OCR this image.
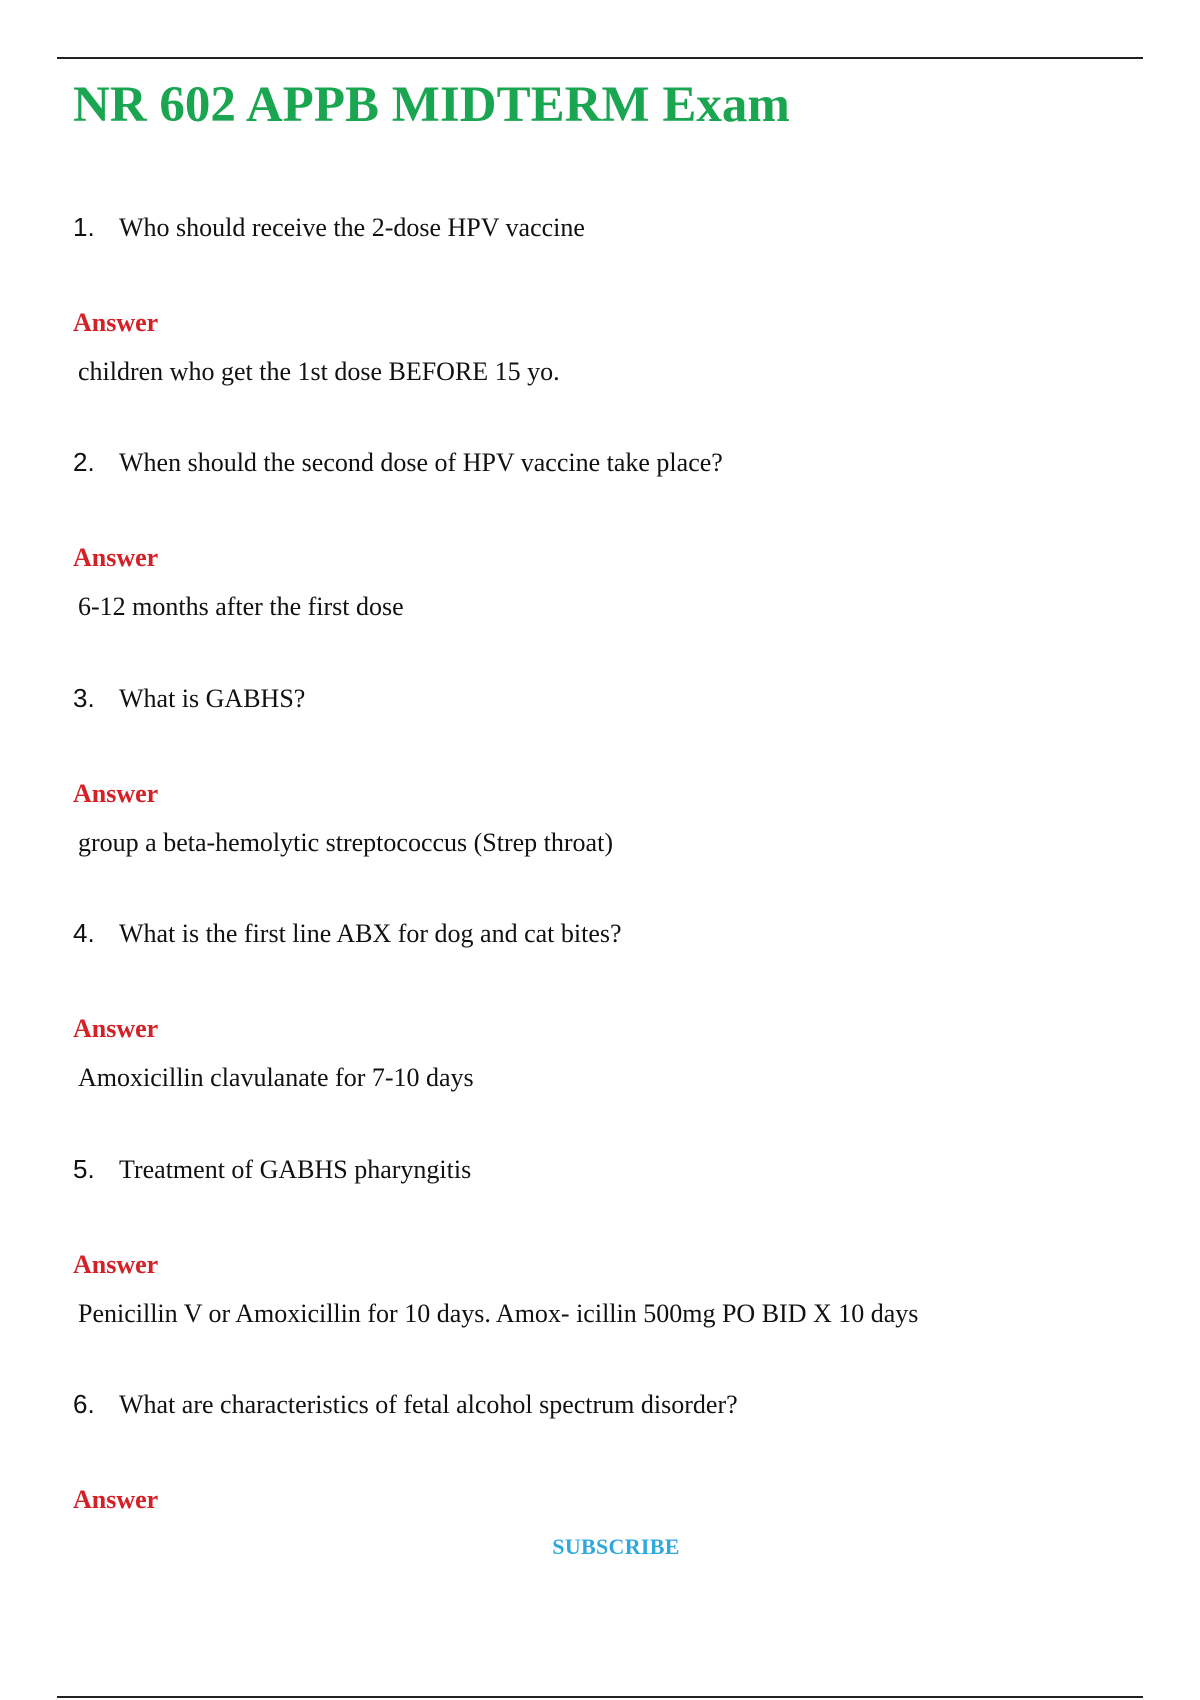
NR 602 APPB MIDTERM Exam
1. Who should receive the 2-dose HPV vaccine
Answer
children who get the 1st dose BEFORE 15 yo.
2. When should the second dose of HPV vaccine take place?
Answer
6-12 months after the first dose
3. What is GABHS?
Answer
group a beta-hemolytic streptococcus (Strep throat)
4. What is the first line ABX for dog and cat bites?
Answer
Amoxicillin clavulanate for 7-10 days
5. Treatment of GABHS pharyngitis
Answer
Penicillin V or Amoxicillin for 10 days. Amox- icillin 500mg PO BID X 10 days
6. What are characteristics of fetal alcohol spectrum disorder?
Answer
SUBSCRIBE
